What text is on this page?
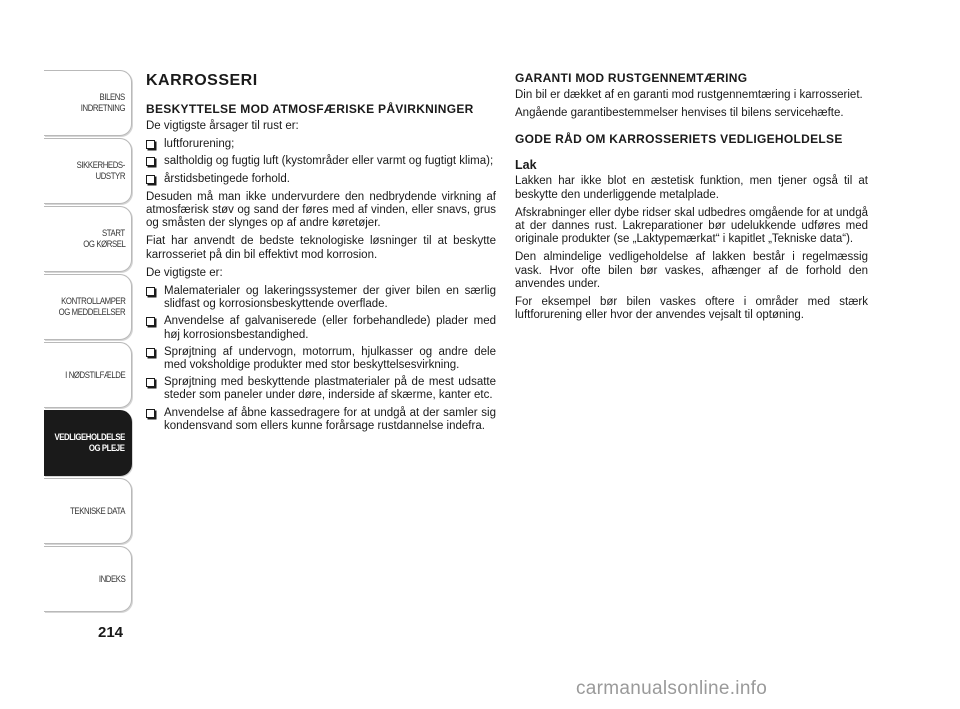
BILENS
INDRETNING
SIKKERHEDS-
UDSTYR
START
OG KØRSEL
KONTROLLAMPER
OG MEDDELELSER
I NØDSTILFÆLDE
VEDLIGEHOLDELSE
OG PLEJE
TEKNISKE DATA
INDEKS
214
KARROSSERI
BESKYTTELSE MOD ATMOSFÆRISKE PÅVIRKNINGER

De vigtigste årsager til rust er:

luftforurening;
saltholdig og fugtig luft (kystområder eller varmt og fugtigt klima);
årstidsbetingede forhold.

Desuden må man ikke undervurdere den nedbrydende virkning af atmosfærisk støv og sand der føres med af vinden, eller snavs, grus og småsten der slynges op af andre køretøjer.

Fiat har anvendt de bedste teknologiske løsninger til at beskytte karrosseriet på din bil effektivt mod korrosion.

De vigtigste er:

Malematerialer og lakeringssystemer der giver bilen en særlig slidfast og korrosionsbeskyttende overflade.
Anvendelse af galvaniserede (eller forbehandlede) plader med høj korrosionsbestandighed.
Sprøjtning af undervogn, motorrum, hjulkasser og andre dele med voksholdige produkter med stor beskyttelsesvirkning.
Sprøjtning med beskyttende plastmaterialer på de mest udsatte steder som paneler under døre, inderside af skærme, kanter etc.
Anvendelse af åbne kassedragere for at undgå at der samler sig kondensvand som ellers kunne forårsage rustdannelse indefra.
GARANTI MOD RUSTGENNEMTÆRING

Din bil er dækket af en garanti mod rustgennemtæring i karrosseriet.

Angående garantibestemmelser henvises til bilens servicehæfte.

GODE RÅD OM KARROSSERIETS VEDLIGEHOLDELSE
Lak

Lakken har ikke blot en æstetisk funktion, men tjener også til at beskytte den underliggende metalplade.

Afskrabninger eller dybe ridser skal udbedres omgående for at undgå at der dannes rust. Lakreparationer bør udelukkende udføres med originale produkter (se „Laktypemærkat“ i kapitlet „Tekniske data“).

Den almindelige vedligeholdelse af lakken består i regelmæssig vask. Hvor ofte bilen bør vaskes, afhænger af de forhold den anvendes under.

For eksempel bør bilen vaskes oftere i områder med stærk luftforurening eller hvor der anvendes vejsalt til optøning.

carmanualsonline.info
